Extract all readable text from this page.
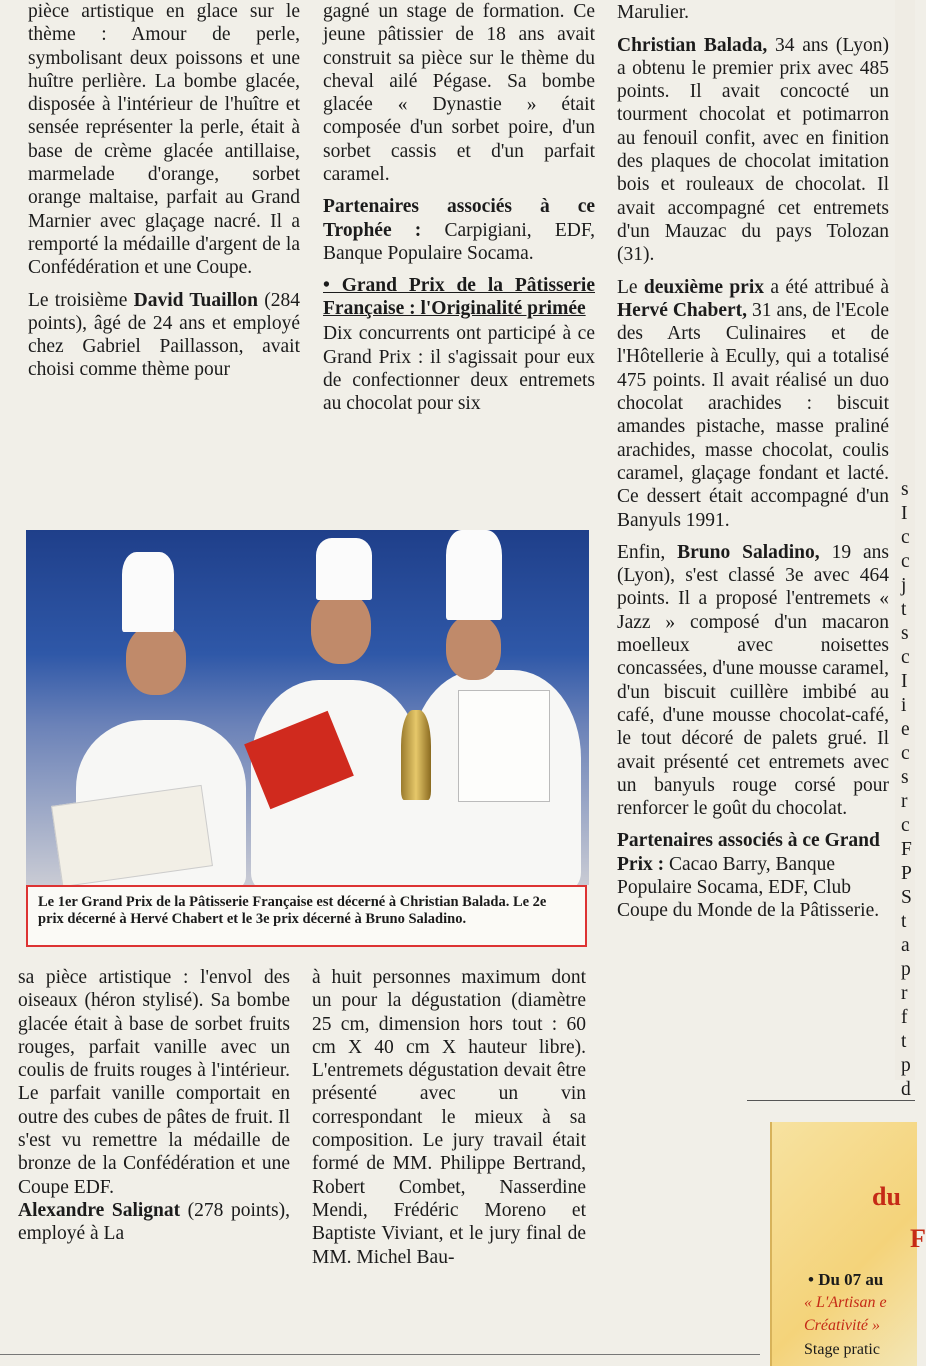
s
I
c
c
j
t
s
c
I
i
e
c
s
r
c
F
P
S
t
a
p
r
f
t
p
d

pièce artistique en glace sur le thème : Amour de perle, symbolisant deux poissons et une huître perlière. La bombe glacée, disposée à l'intérieur de l'huître et sensée représenter la perle, était à base de crème glacée antillaise, marmelade d'orange, sorbet orange maltaise, parfait au Grand Marnier avec glaçage nacré. Il a remporté la médaille d'argent de la Confédération et une Coupe.

Le troisième David Tuaillon (284 points), âgé de 24 ans et employé chez Gabriel Paillasson, avait choisi comme thème pour

gagné un stage de formation. Ce jeune pâtissier de 18 ans avait construit sa pièce sur le thème du cheval ailé Pégase. Sa bombe glacée « Dynastie » était composée d'un sorbet poire, d'un sorbet cassis et d'un parfait caramel.

Partenaires associés à ce Trophée : Carpigiani, EDF, Banque Populaire Socama.

• Grand Prix de la Pâtisserie Française : l'Originalité primée

Dix concurrents ont participé à ce Grand Prix : il s'agissait pour eux de confectionner deux entremets au chocolat pour six

Marulier.

Christian Balada, 34 ans (Lyon) a obtenu le premier prix avec 485 points. Il avait concocté un tourment chocolat et potimarron au fenouil confit, avec en finition des plaques de chocolat imitation bois et rouleaux de chocolat. Il avait accompagné cet entremets d'un Mauzac du pays Tolozan (31).

Le deuxième prix a été attribué à Hervé Chabert, 31 ans, de l'Ecole des Arts Culinaires et de l'Hôtellerie à Ecully, qui a totalisé 475 points. Il avait réalisé un duo chocolat arachides : biscuit amandes pistache, masse praliné arachides, masse chocolat, coulis caramel, glaçage fondant et lacté. Ce dessert était accompagné d'un Banyuls 1991.

Enfin, Bruno Saladino, 19 ans (Lyon), s'est classé 3e avec 464 points. Il a proposé l'entremets « Jazz » composé d'un macaron moelleux avec noisettes concassées, d'une mousse caramel, d'un biscuit cuillère imbibé au café, d'une mousse chocolat-café, le tout décoré de palets grué. Il avait présenté cet entremets avec un banyuls rouge corsé pour renforcer le goût du chocolat.

Partenaires associés à ce Grand Prix : Cacao Barry, Banque Populaire Socama, EDF, Club Coupe du Monde de la Pâtisserie.

Le 1er Grand Prix de la Pâtisserie Française est décerné à Christian Balada. Le 2e prix décerné à Hervé Chabert et le 3e prix décerné à Bruno Saladino.

sa pièce artistique : l'envol des oiseaux (héron stylisé). Sa bombe glacée était à base de sorbet fruits rouges, parfait vanille avec un coulis de fruits rouges à l'intérieur. Le parfait vanille comportait en outre des cubes de pâtes de fruit. Il s'est vu remettre la médaille de bronze de la Confédération et une Coupe EDF.

Alexandre Salignat (278 points), employé à La

à huit personnes maximum dont un pour la dégustation (diamètre 25 cm, dimension hors tout : 60 cm X 40 cm X hauteur libre). L'entremets dégustation devait être présenté avec un vin correspondant le mieux à sa composition. Le jury travail était formé de MM. Philippe Bertrand, Robert Combet, Nasserdine Mendi, Frédéric Moreno et Baptiste Viviant, et le jury final de MM. Michel Bau-

du
F
• Du 07 au
« L'Artisan e
Créativité »
Stage pratic
